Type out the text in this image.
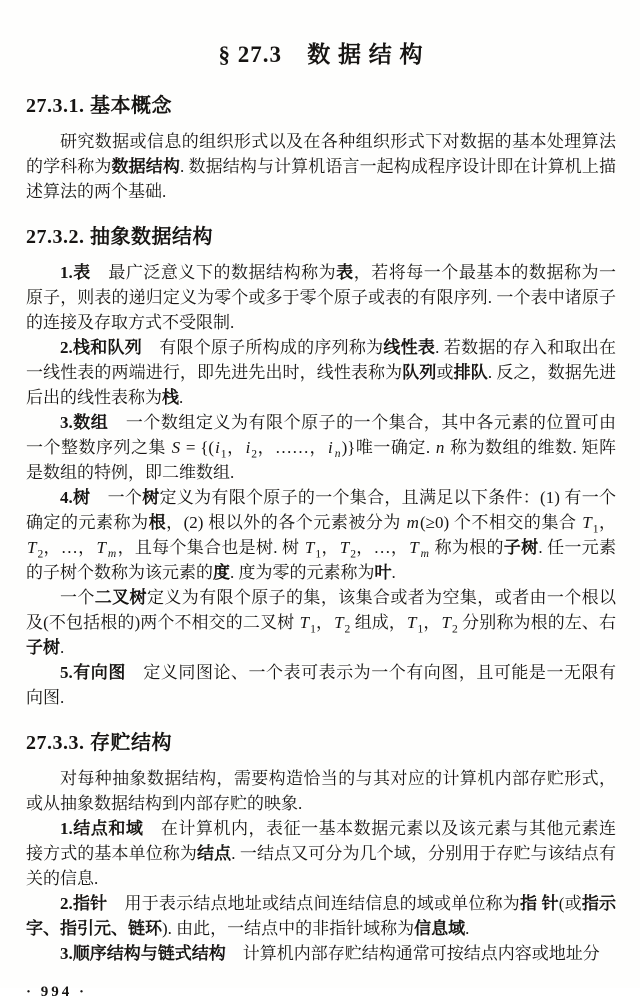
§ 27.3 数 据 结 构
27.3.1. 基本概念

研究数据或信息的组织形式以及在各种组织形式下对数据的基本处理算法的学科称为数据结构. 数据结构与计算机语言一起构成程序设计即在计算机上描述算法的两个基础.

27.3.2. 抽象数据结构

1.表　最广泛意义下的数据结构称为表，若将每一个最基本的数据称为一原子，则表的递归定义为零个或多于零个原子或表的有限序列. 一个表中诸原子的连接及存取方式不受限制.

2.栈和队列　有限个原子所构成的序列称为线性表. 若数据的存入和取出在一线性表的两端进行，即先进先出时，线性表称为队列或排队. 反之，数据先进后出的线性表称为栈.

3.数组　一个数组定义为有限个原子的一个集合，其中各元素的位置可由一个整数序列之集 $S = \{(i_1$，$i_2$，……，i $_n$)}唯一确定. n 称为数组的维数. 矩阵是数组的特例，即二维数组.

4.树　一个树定义为有限个原子的一个集合，且满足以下条件：(1) 有一个确定的元素称为根，(2) 根以外的各个元素被分为 m(≥0) 个不相交的集合 $T_1$，$T_2$，…，T $_m$，且每个集合也是树. 树 $T_1$，$T_2$，…，T $_m$ 称为根的子树. 任一元素的子树个数称为该元素的度. 度为零的元素称为叶.

一个二叉树定义为有限个原子的集，该集合或者为空集，或者由一个根以及(不包括根的)两个不相交的二叉树 $T_1$，$T_2$ 组成，$T_1$，$T_2$ 分别称为根的左、右子树.

5.有向图　定义同图论、一个表可表示为一个有向图，且可能是一无限有向图.

27.3.3. 存贮结构

对每种抽象数据结构，需要构造恰当的与其对应的计算机内部存贮形式，或从抽象数据结构到内部存贮的映象.

1.结点和域　在计算机内，表征一基本数据元素以及该元素与其他元素连接方式的基本单位称为结点. 一结点又可分为几个域，分别用于存贮与该结点有关的信息.

2.指针　用于表示结点地址或结点间连结信息的域或单位称为指 针(或指示字、指引元、链环). 由此，一结点中的非指针域称为信息域.

3.顺序结构与链式结构　计算机内部存贮结构通常可按结点内容或地址分

· 994 ·
